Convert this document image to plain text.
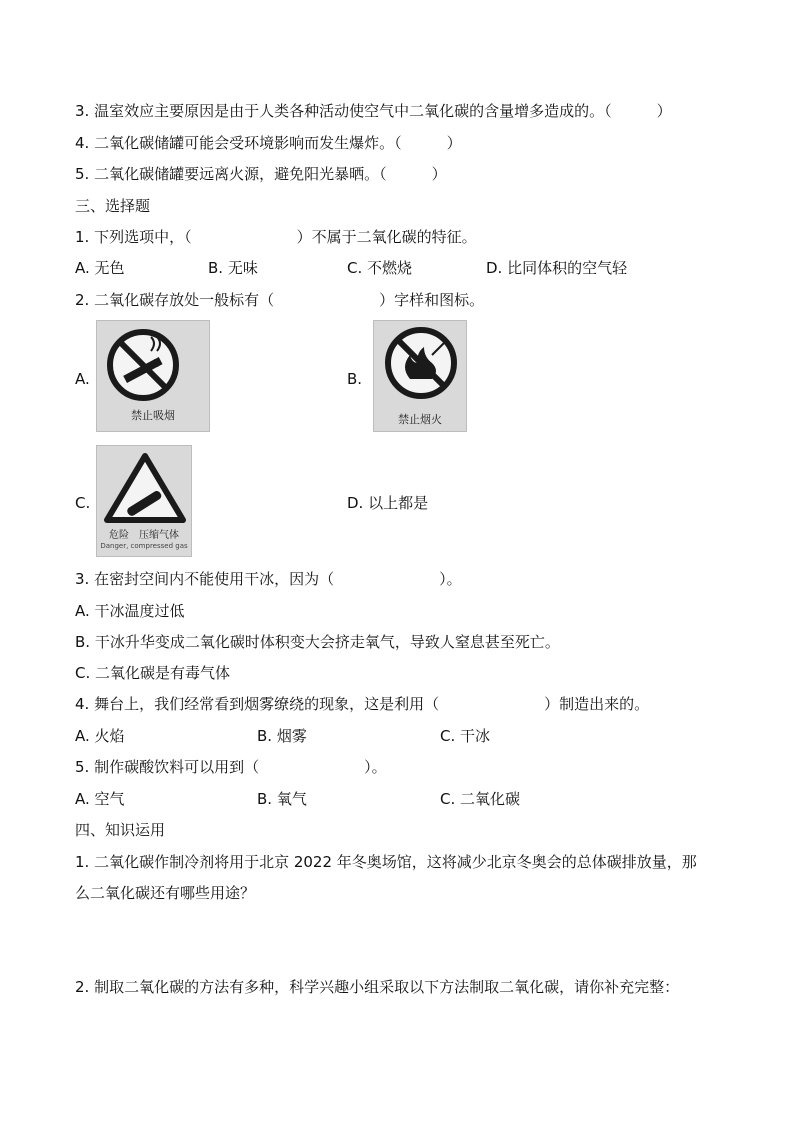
3. 温室效应主要原因是由于人类各种活动使空气中二氧化碳的含量增多造成的。（　　　）
4. 二氧化碳储罐可能会受环境影响而发生爆炸。（　　　）
5. 二氧化碳储罐要远离火源，避免阳光暴晒。（　　　）
三、选择题
1. 下列选项中，（　　　　　　　）不属于二氧化碳的特征。
A. 无色	B. 无味	C. 不燃烧	D. 比同体积的空气轻
2. 二氧化碳存放处一般标有（　　　　　　　）字样和图标。
A.
禁止吸烟
B.
禁止烟火
C.
危险　压缩气体
Danger, compressed gas
D. 以上都是
3. 在密封空间内不能使用干冰，因为（　　　　　　　）。
A. 干冰温度过低
B. 干冰升华变成二氧化碳时体积变大会挤走氧气，导致人窒息甚至死亡。
C. 二氧化碳是有毒气体
4. 舞台上，我们经常看到烟雾缭绕的现象，这是利用（　　　　　　　）制造出来的。
A. 火焰	B. 烟雾	C. 干冰
5. 制作碳酸饮料可以用到（　　　　　　　）。
A. 空气	B. 氧气	C. 二氧化碳
四、知识运用
1. 二氧化碳作制冷剂将用于北京 2022 年冬奥场馆，这将减少北京冬奥会的总体碳排放量，那
么二氧化碳还有哪些用途？
2. 制取二氧化碳的方法有多种，科学兴趣小组采取以下方法制取二氧化碳，请你补充完整：
